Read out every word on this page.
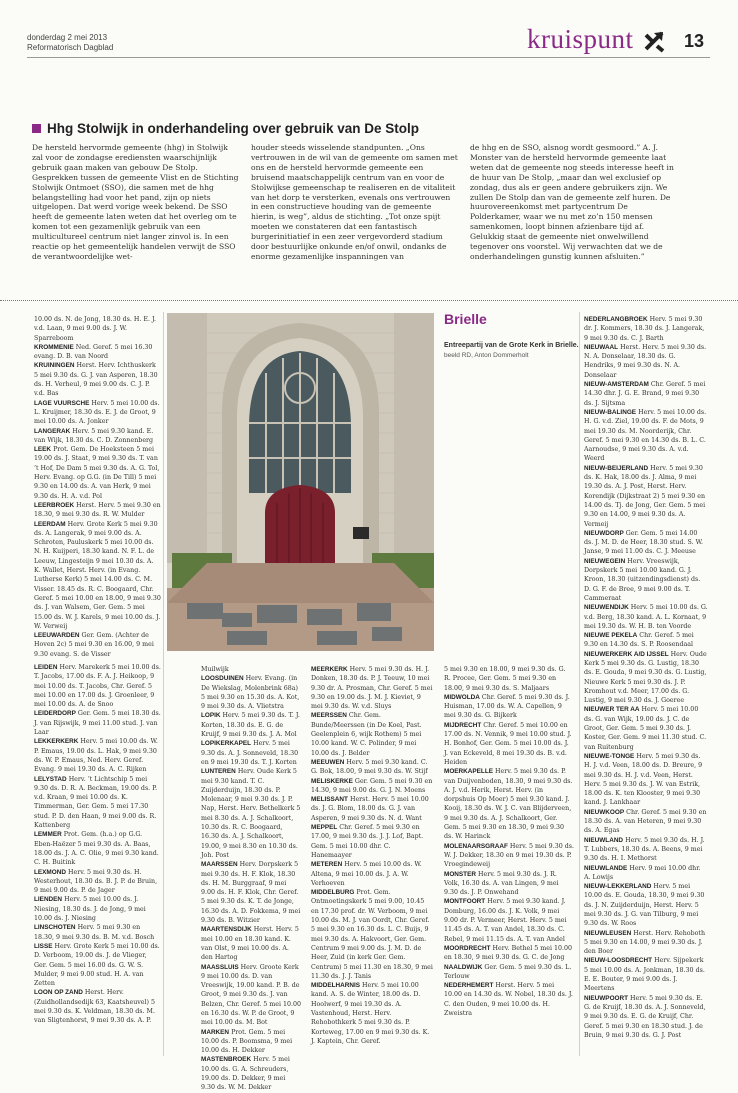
donderdag 2 mei 2013
Reformatorisch Dagblad	kruispunt	13
Hhg Stolwijk in onderhandeling over gebruik van De Stolp
De hersteld hervormde gemeente (hhg) in Stolwijk zal voor de zondagse erediensten waarschijnlijk gebruik gaan maken van gebouw De Stolp. Gesprekken tussen de gemeente Vlist en de Stichting Stolwijk Ontmoet (SSO), die samen met de hhg belangstelling had voor het pand, zijn op niets uitgelopen. Dat werd vorige week bekend. De SSO heeft de gemeente laten weten dat het overleg om te komen tot een gezamenlijk gebruik van een multicultureel centrum niet langer zinvol is. In een reactie op het gemeentelijk handelen verwijt de SSO de verantwoordelijke wet-
houder steeds wisselende standpunten. „Ons vertrouwen in de wil van de gemeente om samen met ons en de hersteld hervormde gemeente een bruisend maatschappelijk centrum van en voor de Stolwijkse gemeenschap te realiseren en de vitaliteit van het dorp te versterken, evenals ons vertrouwen in een constructieve houding van de gemeente hierin, is weg”, aldus de stichting. „Tot onze spijt moeten we constateren dat een fantastisch burgerinitiatief in een zeer vergevorderd stadium door bestuurlijke onkunde en/of onwil, ondanks de enorme gezamenlijke inspanningen van
de hhg en de SSO, alsnog wordt gesmoord.” A. J. Monster van de hersteld hervormde gemeente laat weten dat de gemeente nog steeds interesse heeft in de huur van De Stolp, „maar dan wel exclusief op zondag, dus als er geen andere gebruikers zijn. We zullen De Stolp dan van de gemeente zelf huren. De huurovereenkomst met partycentrum De Polderkamer, waar we nu met zo’n 150 mensen samenkomen, loopt binnen afzienbare tijd af. Gelukkig staat de gemeente niet onwelwillend tegenover ons voorstel. Wij verwachten dat we de onderhandelingen gunstig kunnen afsluiten.”
10.00 ds. N. de Jong, 18.30 ds. H. E. J. v.d. Laan, 9 mei 9.00 ds. J. W. Sparreboom
KROMMENIE Ned. Geref. 5 mei 16.30 evang. D. B. van Noord
KRUININGEN Herst. Herv. Ichthuskerk 5 mei 9.30 ds. G. J. van Asperen, 18.30 ds. H. Verheul, 9 mei 9.00 ds. C. J. P. v.d. Bas
LAGE VUURSCHE Herv. 5 mei 10.00 ds. L. Kruijmer, 18.30 ds. E. J. de Groot, 9 mei 10.00 ds. A. Jonker
LANGERAK Herv. 5 mei 9.30 kand. E. van Wijk, 18.30 ds. C. D. Zonnenberg
LEEK Prot. Gem. De Hoeksteen 5 mei 19.00 ds. J. Staat, 9 mei 9.30 ds. T. van ’t Hof, De Dam 5 mei 9.30 ds. A. G. Tol, Herv. Evang. op G.G. (in De Till) 5 mei 9.30 en 14.00 ds. A. van Herk, 9 mei 9.30 ds. H. A. v.d. Pol
LEERBROEK Herst. Herv. 5 mei 9.30 en 18.30, 9 mei 9.30 ds. R. W. Mulder
LEERDAM Herv. Grote Kerk 5 mei 9.30 ds. A. Langerak, 9 mei 9.00 ds. A. Schroten, Pauluskerk 5 mei 10.00 ds. N. H. Kuijperi, 18.30 kand. N. F. L. de Leeuw, Lingesteijn 9 mei 10.30 ds. A. K. Wallet, Herst. Herv. (in Evang. Lutherse Kerk) 5 mei 14.00 ds. C. M. Visser. 18.45 ds. R. C. Boogaard, Chr. Geref. 5 mei 10.00 en 18.00, 9 mei 9.30 ds. J. van Walsem, Ger. Gem. 5 mei 15.00 ds. W. J. Karels, 9 mei 10.00 ds. J. W. Verweij
LEEUWARDEN Ger. Gem. (Achter de Hoven 2c) 5 mei 9.30 en 16.00, 9 mei 9.30 evang. S. de Visser
LEIDEN Herv. Marekerk 5 mei 10.00 ds. T. Jacobs, 17.00 ds. F. A. J. Heikoop, 9 mei 10.00 ds. T. Jacobs, Chr. Geref. 5 mei 10.00 en 17.00 ds. J. Groenleer, 9 mei 10.00 ds. A. de Snoo
LEIDERDORP Ger. Gem. 5 mei 18.30 ds. J. van Rijswijk, 9 mei 11.00 stud. J. van Laar
LEKKERKERK Herv. 5 mei 10.00 ds. W. P. Emaus, 19.00 ds. L. Hak, 9 mei 9.30 ds. W. P. Emaus, Ned. Herv. Geref. Evang. 9 mei 19.30 ds. A. C. Rijken
LELYSTAD Herv. ’t Lichtschip 5 mei 9.30 ds. D. R. A. Beckman, 19.00 ds. P. v.d. Kraan, 9 mei 10.00 ds. K. Timmerman, Ger. Gem. 5 mei 17.30 stud. P. D. den Haan, 9 mei 9.00 ds. R. Kattenberg
LEMMER Prot. Gem. (h.a.) op G.G. Eben-Haëzer 5 mei 9.30 ds. A. Baas, 18.00 ds. J. A. C. Olie, 9 mei 9.30 kand. C. H. Buitink
LEXMOND Herv. 5 mei 9.30 ds. H. Westerhout, 18.30 ds. B. J. P. de Bruin, 9 mei 9.00 ds. P. de Jager
LIENDEN Herv. 5 mei 10.00 ds. J. Niesing, 18.30 ds. J. de Jong, 9 mei 10.00 ds. J. Niesing
LINSCHOTEN Herv. 5 mei 9.30 en 18.30, 9 mei 9.30 ds. B. M. v.d. Bosch
LISSE Herv. Grote Kerk 5 mei 10.00 ds. D. Verboom, 19.00 ds. J. de Vlieger, Ger. Gem. 5 mei 16.00 ds. G. W. S. Mulder, 9 mei 9.00 stud. H. A. van Zetten
LOON OP ZAND Herst. Herv. (Zuidhollandsedijk 63, Kaatsheuvel) 5 mei 9.30 ds. K. Veldman, 18.30 ds. M. van Sligtenhorst, 9 mei 9.30 ds. A. P.
Muilwijk
LOOSDUINEN Herv. Evang. (in De Wiekslag, Molenbrink 68a) 5 mei 9.30 en 15.30 ds. A. Kot, 9 mei 9.30 ds. A. Vlietstra
LOPIK Herv. 5 mei 9.30 ds. T. J. Korten, 18.30 ds. E. G. de Kruijf, 9 mei 9.30 ds. J. A. Mol
LOPIKERKAPEL Herv. 5 mei 9.30 ds. A. J. Sonneveld, 18.30 en 9 mei 19.30 ds. T. J. Korten
LUNTEREN Herv. Oude Kerk 5 mei 9.30 kand. T. C. Zuijderduijn, 18.30 ds. P. Molenaar, 9 mei 9.30 ds. J. P. Nap, Herst. Herv. Bethelkerk 5 mei 8.30 ds. A. J. Schalkoort, 10.30 ds. R. C. Boogaard, 16.30 ds. A. J. Schalkoort, 19.00, 9 mei 8.30 en 10.30 ds. Joh. Post
MAARSSEN Herv. Dorpskerk 5 mei 9.30 ds. H. F. Klok, 18.30 ds. H. M. Burggraaf, 9 mei 9.00 ds. H. F. Klok, Chr. Geref. 5 mei 9.30 ds. K. T. de Jonge, 16.30 ds. A. D. Fokkema, 9 mei 9.30 ds. B. Witzier
MAARTENSDIJK Herst. Herv. 5 mei 10.00 en 18.30 kand. K. van Olst, 9 mei 10.00 ds. A. den Hartog
MAASSLUIS Herv. Groote Kerk 9 mei 10.00 ds. D. van Vreeswijk, 19.00 kand. P. B. de Groot, 9 mei 9.30 ds. J. van Belzen, Chr. Geref. 5 mei 10.00 en 16.30 ds. W. P. de Groot, 9 mei 10.00 ds. M. Bot
MARKEN Prot. Gem. 5 mei 10.00 ds. P. Boomsma, 9 mei 10.00 ds. H. Dekker
MASTENBROEK Herv. 5 mei 10.00 ds. G. A. Schreuders, 19.00 ds. D. Dekker, 9 mei 9.30 ds. W. M. Dekker
MEERKERK Herv. 5 mei 9.30 ds. H. J. Donken, 18.30 ds. P. J. Teeuw, 10 mei 9.30 dr. A. Prosman, Chr. Geref. 5 mei 9.30 en 19.00 ds. J. M. J. Kieviet, 9 mei 9.30 ds. W. v.d. Sluys
MEERSSEN Chr. Gem. Bunde/Meerssen (in De Koel, Past. Geelenplein 6, wijk Rothem) 5 mei 10.00 kand. W. C. Polinder, 9 mei 10.00 ds. J. Belder
MEEUWEN Herv. 5 mei 9.30 kand. C. G. Bok, 18.00, 9 mei 9.30 ds. W. Stijf
MELISKERKE Ger. Gem. 5 mei 9.30 en 14.30, 9 mei 9.00 ds. G. J. N. Moens
MELISSANT Herst. Herv. 5 mei 10.00 ds. J. G. Blom, 18.00 ds. G. J. van Asperen, 9 mei 9.30 ds. N. d. Want
MEPPEL Chr. Geref. 5 mei 9.30 en 17.00, 9 mei 9.30 ds. J. J. Lof, Bapt. Gem. 5 mei 10.00 dhr. C. Hanemaayer
METEREN Herv. 5 mei 10.00 ds. W. Altena, 9 mei 10.00 ds. J. A. W. Verhoeven
MIDDELBURG Prot. Gem. Ontmoetingskerk 5 mei 9.00, 10.45 en 17.30 prof. dr. W. Verboom, 9 mei 10.00 ds. M. J. van Oordt, Chr. Geref. 5 mei 9.30 en 16.30 ds. L. C. Buijs, 9 mei 9.30 ds. A. Hakvoort, Ger. Gem. Centrum 9 mei 9.00 ds. J. M. D. de Heer, Zuid (in kerk Ger. Gem. Centrum) 5 mei 11.30 en 18.30, 9 mei 11.30 ds. J. J. Tanis
MIDDELHARNIS Herv. 5 mei 10.00 kand. A. S. de Winter, 18.00 ds. D. Hoolwerf, 9 mei 19.30 ds. A. Vastenhoud, Herst. Herv. Rehobothkerk 5 mei 9.30 ds. P. Korteweg, 17.00 en 9 mei 9.30 ds. K. J. Kaptein, Chr. Geref.
5 mei 9.30 en 18.00, 9 mei 9.30 ds. G. R. Procee, Ger. Gem. 5 mei 9.30 en 18.00, 9 mei 9.30 ds. S. Maljaars
MIDWOLDA Chr. Geref. 5 mei 9.30 ds. J. Huisman, 17.00 ds. W. A. Capellen, 9 mei 9.30 ds. G. Bijkerk
MIJDRECHT Chr. Geref. 5 mei 10.00 en 17.00 ds. N. Vennik, 9 mei 10.00 stud. J. H. Bonhof, Ger. Gem. 5 mei 10.00 ds. J. J. van Eckeveld, 8 mei 19.30 ds. B. v.d. Heiden
MOERKAPELLE Herv. 5 mei 9.30 ds. P. van Duijvenboden, 18.30, 9 mei 9.30 ds. A. J. v.d. Herik, Herst. Herv. (in dorpshuis Op Moer) 5 mei 9.30 kand. J. Kooij, 18.30 ds. W. J. C. van Blijderveen, 9 mei 9.30 ds. A. J. Schalkoort, Ger. Gem. 5 mei 9.30 en 18.30, 9 mei 9.30 ds. W. Harinck
MOLENAARSGRAAF Herv. 5 mei 9.30 ds. W. J. Dekker, 18.30 en 9 mei 19.30 ds. P. Vroegindeweij
MONSTER Herv. 5 mei 9.30 ds. J. R. Volk, 16.30 ds. A. van Lingen, 9 mei 9.30 ds. J. P. Onwehand
MONTFOORT Herv. 5 mei 9.30 kand. J. Domburg, 16.00 ds. J. K. Volk, 9 mei 9.00 dr. P. Vermeer, Herst. Herv. 5 mei 11.45 ds. A. T. van Andel, 18.30 ds. C. Rebel, 9 mei 11.15 ds. A. T. van Andel
MOORDRECHT Herv. Bethel 5 mei 10.00 en 18.30, 9 mei 9.30 ds. G. C. de Jong
NAALDWIJK Ger. Gem. 5 mei 9.30 ds. L. Terlouw
NEDERHEMERT Herst. Herv. 5 mei 10.00 en 14.30 ds. W. Nobel, 18.30 ds. J. C. den Ouden, 9 mei 10.00 ds. H. Zweistra
NEDERLANGBROEK Herv. 5 mei 9.30 dr. J. Kommers, 18.30 ds. J. Langerak, 9 mei 9.30 ds. C. J. Barth
NIEUWAAL Herst. Herv. 5 mei 9.30 ds. N. A. Donselaar, 18.30 ds. G. Hendriks, 9 mei 9.30 ds. N. A. Donselaar
NIEUW-AMSTERDAM Chr. Geref. 5 mei 14.30 dhr. J. G. E. Brand, 9 mei 9.30 ds. J. Sijtsma
NIEUW-BALINGE Herv. 5 mei 10.00 ds. H. G. v.d. Ziel, 19.00 ds. F. de Mots, 9 mei 19.30 ds. M. Noorderijk, Chr. Geref. 5 mei 9.30 en 14.30 ds. B. L. C. Aarnoudse, 9 mei 9.30 ds. A. v.d. Weerd
NIEUW-BEIJERLAND Herv. 5 mei 9.30 ds. K. Hak, 18.00 ds. J. Alma, 9 mei 19.30 ds. A. J. Post, Herst. Herv. Korendijk (Dijkstraat 2) 5 mei 9.30 en 14.00 ds. Tj. de Jong, Ger. Gem. 5 mei 9.30 en 14.00, 9 mei 9.30 ds. A. Vermeij
NIEUWDORP Ger. Gem. 5 mei 14.00 ds. J. M. D. de Heer, 18.30 stud. S. W. Janse, 9 mei 11.00 ds. C. J. Meeuse
NIEUWEGEIN Herv. Vreeswijk, Dorpskerk 5 mei 10.00 kand. G. J. Kroon, 18.30 (uitzendingsdienst) ds. D. G. F. de Bree, 9 mei 9.00 ds. T. Cammeraat
NIEUWENDIJK Herv. 5 mei 10.00 ds. G. v.d. Berg, 18.30 kand. A. L. Kornaat, 9 mei 19.30 ds. W. H. B. ten Voorde
NIEUWE PEKELA Chr. Geref. 5 mei 9.30 en 14.30 ds. S. P. Roosendaal
NIEUWERKERK A/D IJSSEL Herv. Oude Kerk 5 mei 9.30 ds. G. Lustig, 18.30 ds. E. Gouda, 9 mei 9.30 ds. G. Lustig, Nieuwe Kerk 5 mei 9.30 ds. J. P. Kromhout v.d. Meer, 17.00 ds. G. Lustig, 9 mei 9.30 ds. J. Goeree
NIEUWER TER AA Herv. 5 mei 10.00 ds. G. van Wijk, 19.00 ds. J. C. de Groot, Ger. Gem. 5 mei 9.30 ds. J. Koster, Ger. Gem. 9 mei 11.30 stud. C. van Ruitenburg
NIEUWE-TONGE Herv. 5 mei 9.30 ds. H. J. v.d. Veen, 18.00 ds. D. Breure, 9 mei 9.30 ds. H. J. v.d. Veen, Herst. Herv. 5 mei 9.30 ds. J. W. van Estrik, 18.00 ds. K. ten Klooster, 9 mei 9.30 kand. J. Lankhaar
NIEUWKOOP Chr. Geref. 5 mei 9.30 en 18.30 ds. A. van Heteren, 9 mei 9.30 ds. A. Egas
NIEUWLAND Herv. 5 mei 9.30 ds. H. J. T. Lubbers, 18.30 ds. A. Beens, 9 mei 9.30 ds. H. I. Methorst
NIEUWLANDE Herv. 9 mei 10.00 dhr. A. Lowijs
NIEUW-LEKKERLAND Herv. 5 mei 10.00 ds. E. Gouda, 18.30, 9 mei 9.30 ds. J. N. Zuijderduijn, Herst. Herv. 5 mei 9.30 ds. J. G. van Tilburg, 9 mei 9.30 ds. W. Roos
NIEUWLEUSEN Herst. Herv. Rehoboth 5 mei 9.30 en 14.00, 9 mei 9.30 ds. J. den Boer
NIEUW-LOOSDRECHT Herv. Sijpekerk 5 mei 10.00 ds. A. Jonkman, 18.30 ds. E. E. Bouter, 9 mei 9.00 ds. J. Meertens
NIEUWPOORT Herv. 5 mei 9.30 ds. E. G. de Kruijf, 18.30 ds. A. J. Sonneveld, 9 mei 9.30 ds. E. G. de Kruijf, Chr. Geref. 5 mei 9.30 en 18.30 stud. J. de Bruin, 9 mei 9.30 ds. G. J. Post
Brielle
Entreepartij van de Grote Kerk in Brielle. beeld RD, Anton Dommerholt
